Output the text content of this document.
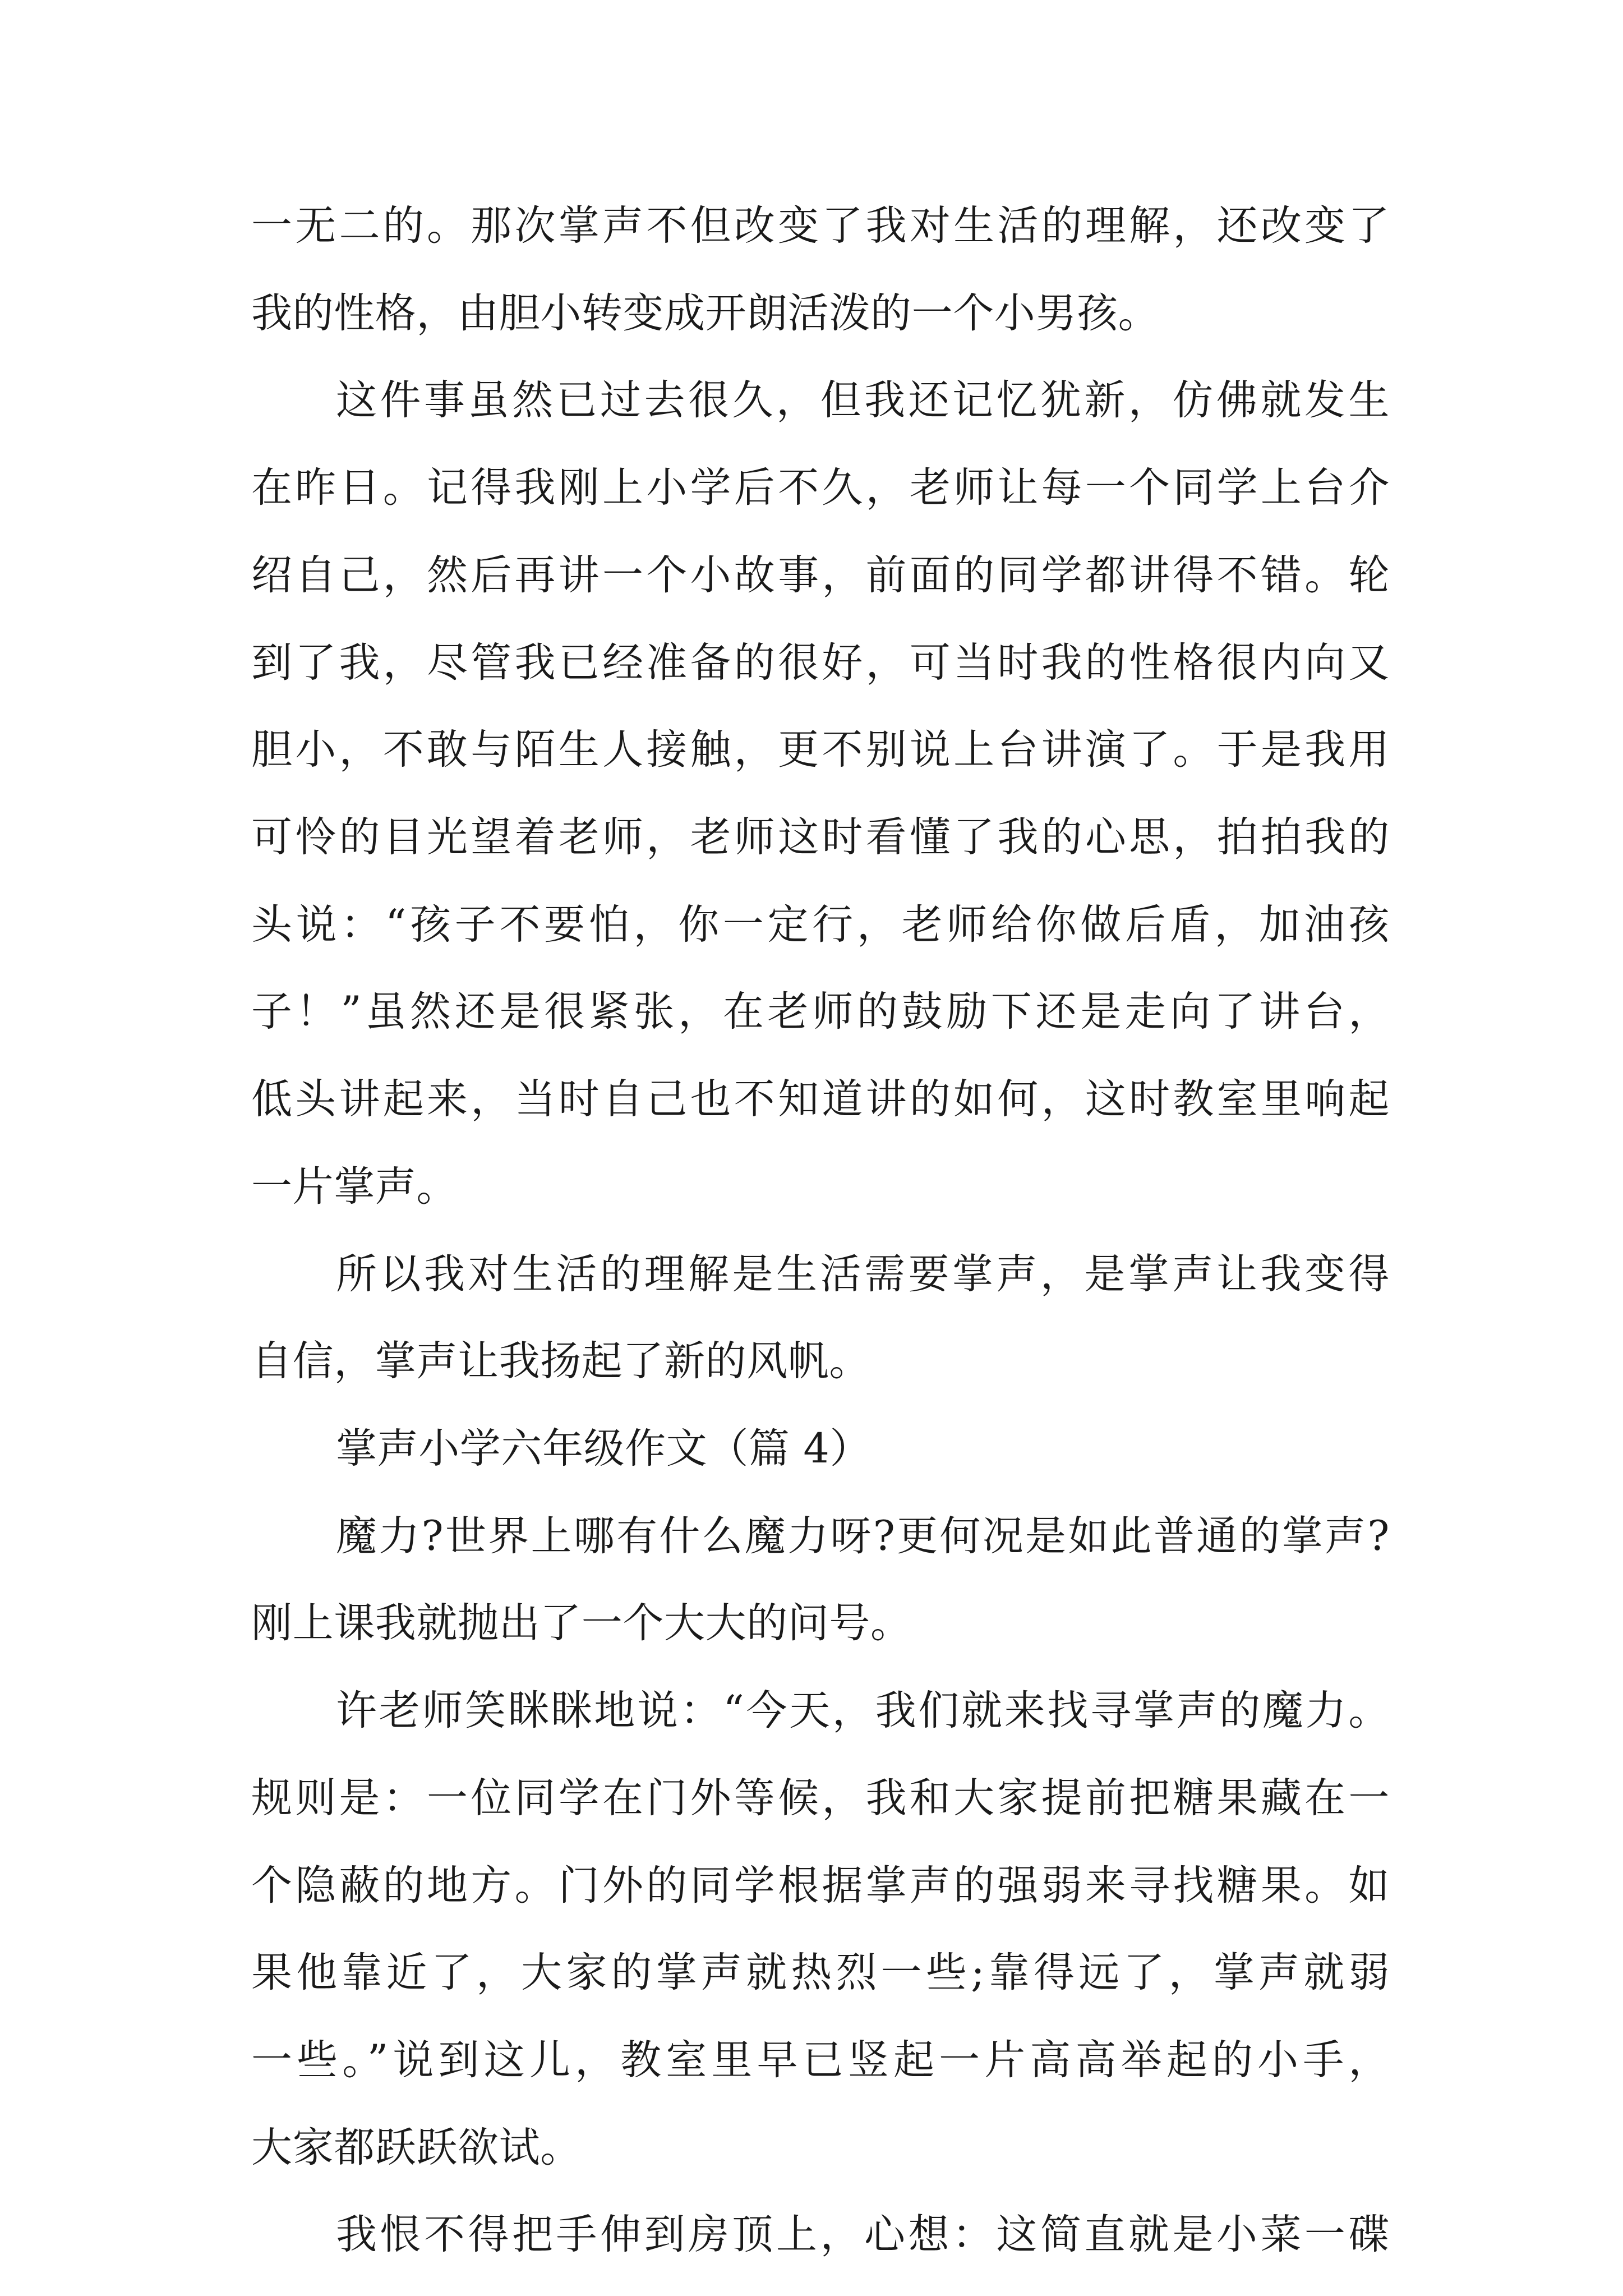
一无二的。那次掌声不但改变了我对生活的理解，还改变了
我的性格，由胆小转变成开朗活泼的一个小男孩。
这件事虽然已过去很久，但我还记忆犹新，仿佛就发生
在昨日。记得我刚上小学后不久，老师让每一个同学上台介
绍自己，然后再讲一个小故事，前面的同学都讲得不错。轮
到了我，尽管我已经准备的很好，可当时我的性格很内向又
胆小，不敢与陌生人接触，更不别说上台讲演了。于是我用
可怜的目光望着老师，老师这时看懂了我的心思，拍拍我的
头说：“孩子不要怕，你一定行，老师给你做后盾，加油孩
子！”虽然还是很紧张，在老师的鼓励下还是走向了讲台，
低头讲起来，当时自己也不知道讲的如何，这时教室里响起
一片掌声。
所以我对生活的理解是生活需要掌声，是掌声让我变得
自信，掌声让我扬起了新的风帆。
掌声小学六年级作文（篇 4）
魔力?世界上哪有什么魔力呀?更何况是如此普通的掌声?
刚上课我就抛出了一个大大的问号。
许老师笑眯眯地说：“今天，我们就来找寻掌声的魔力。
规则是：一位同学在门外等候，我和大家提前把糖果藏在一
个隐蔽的地方。门外的同学根据掌声的强弱来寻找糖果。如
果他靠近了，大家的掌声就热烈一些;靠得远了，掌声就弱
一些。”说到这儿，教室里早已竖起一片高高举起的小手，
大家都跃跃欲试。
我恨不得把手伸到房顶上，心想：这简直就是小菜一碟
